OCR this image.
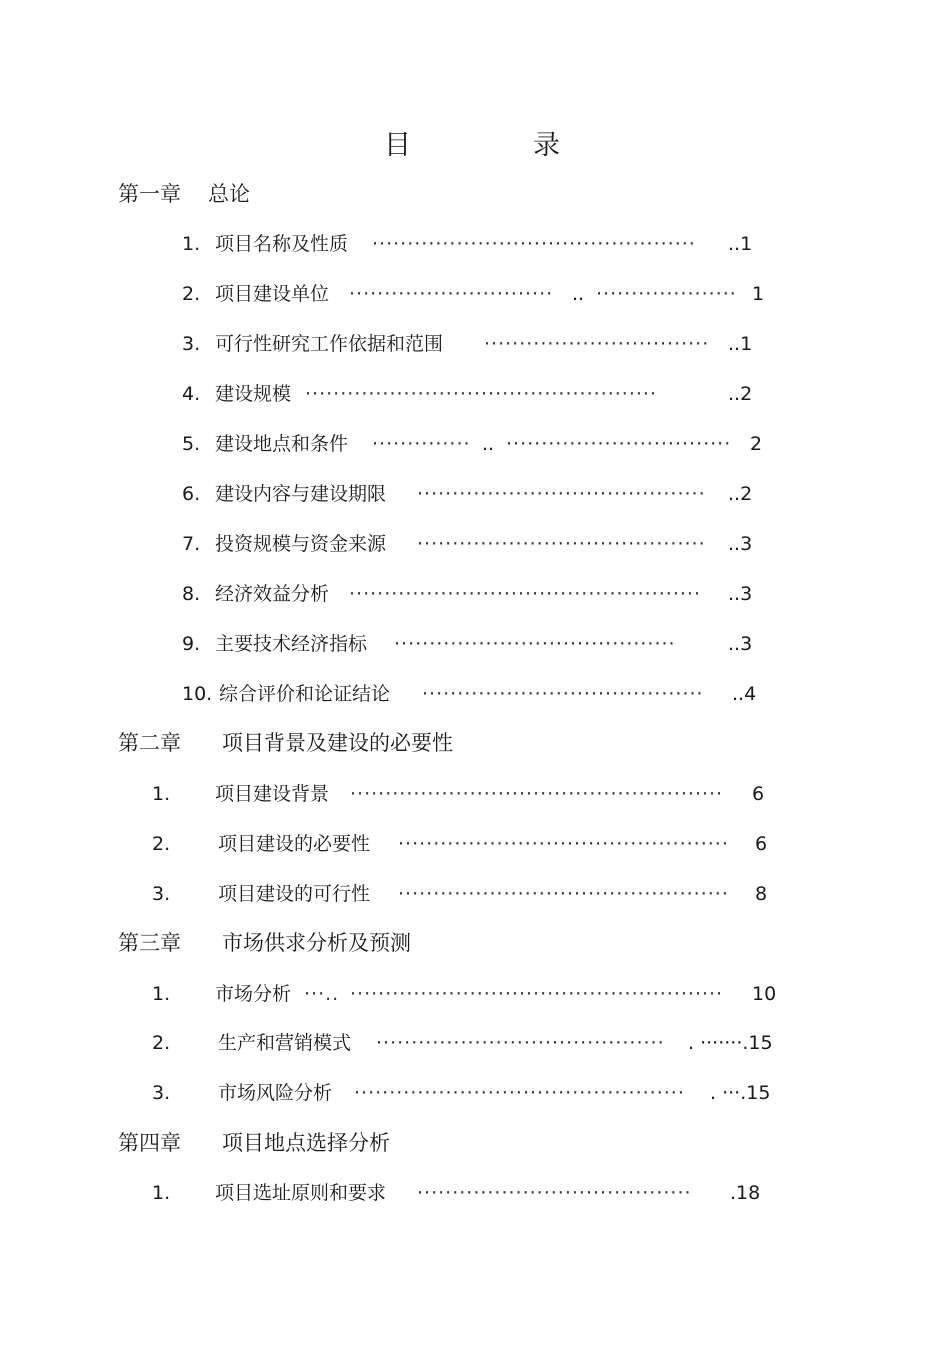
目	录
第一章 总论
1. 项目名称及性质 ··············································	..1
2. 项目建设单位 ····························· .. ···················· 1
3. 可行性研究工作依据和范围 ································ ..1
4. 建设规模 ··················································	..2
5. 建设地点和条件 ·············· .. ································ 2
6. 建设内容与建设期限 ········································· ..2
7. 投资规模与资金来源 ········································· ..3
8. 经济效益分析 ·················································· ..3
9. 主要技术经济指标 ········································	..3
10. 综合评价和论证结论 ········································	..4
第二章 项目背景及建设的必要性
1. 项目建设背景 ····················································· 6
2.	项目建设的必要性 ··············································· 6
3.	项目建设的可行性 ··············································· 8
第三章 市场供求分析及预测
1. 市场分析 ···.. ····················································· 10
2.	生产和营销模式 ········································· . ·······.15
3.	市场风险分析 ··············································· . ···.15
第四章 项目地点选择分析
1. 项目选址原则和要求 ·······································	.18
